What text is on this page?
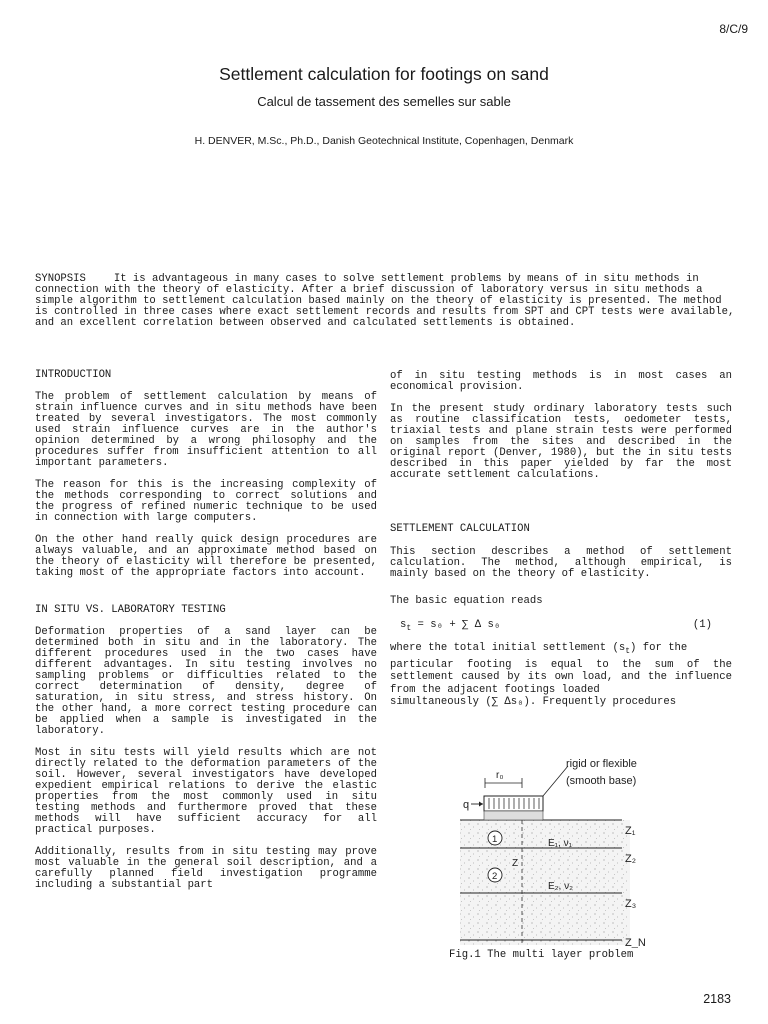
8/C/9
Settlement calculation for footings on sand
Calcul de tassement des semelles sur sable
H. DENVER, M.Sc., Ph.D., Danish Geotechnical Institute, Copenhagen, Denmark
SYNOPSIS	It is advantageous in many cases to solve settlement problems by means of in situ methods in connection with the theory of elasticity. After a brief discussion of laboratory versus in situ methods a simple algorithm to settlement calculation based mainly on the theory of elasticity is presented. The method is controlled in three cases where exact settlement records and results from SPT and CPT tests were available, and an excellent correlation between observed and calculated settlements is obtained.
INTRODUCTION

The problem of settlement calculation by means of strain influence curves and in situ methods have been treated by several investigators. The most commonly used strain influence curves are in the author's opinion determined by a wrong philosophy and the procedures suffer from insufficient attention to all important parameters.

The reason for this is the increasing complexity of the methods corresponding to correct solutions and the progress of refined numeric technique to be used in connection with large computers.

On the other hand really quick design procedures are always valuable, and an approximate method based on the theory of elasticity will therefore be presented, taking most of the appropriate factors into account.

IN SITU VS. LABORATORY TESTING

Deformation properties of a sand layer can be determined both in situ and in the laboratory. The different procedures used in the two cases have different advantages. In situ testing involves no sampling problems or difficulties related to the correct determination of density, degree of saturation, in situ stress, and stress history. On the other hand, a more correct testing procedure can be applied when a sample is investigated in the laboratory.

Most in situ tests will yield results which are not directly related to the deformation parameters of the soil. However, several investigators have developed expedient empirical relations to derive the elastic properties from the most commonly used in situ testing methods and furthermore proved that these methods will have sufficient accuracy for all practical purposes.

Additionally, results from in situ testing may prove most valuable in the general soil description, and a carefully planned field investigation programme including a substantial part

of in situ testing methods is in most cases an economical provision.

In the present study ordinary laboratory tests such as routine classification tests, oedometer tests, triaxial tests and plane strain tests were performed on samples from the sites and described in the original report (Denver, 1980), but the in situ tests described in this paper yielded by far the most accurate settlement calculations.

SETTLEMENT CALCULATION

This section describes a method of settlement calculation. The method, although empirical, is mainly based on the theory of elasticity.

The basic equation reads
$s_t = s_0$ + ∑ Δ s₀	(1)

where the total initial settlement $(s_t)$ for the

particular footing is equal to the sum of the settlement caused by its own load, and the influence from the adjacent footings loaded

simultaneously (∑ Δs₀). Frequently procedures

r₀
q
rigid or flexible
(smooth base)
1
2
Z
E₁, ν₁
E₂, ν₂
Z₁
Z₂
Z₃
Z_N
Fig.1 The multi layer problem
2183
